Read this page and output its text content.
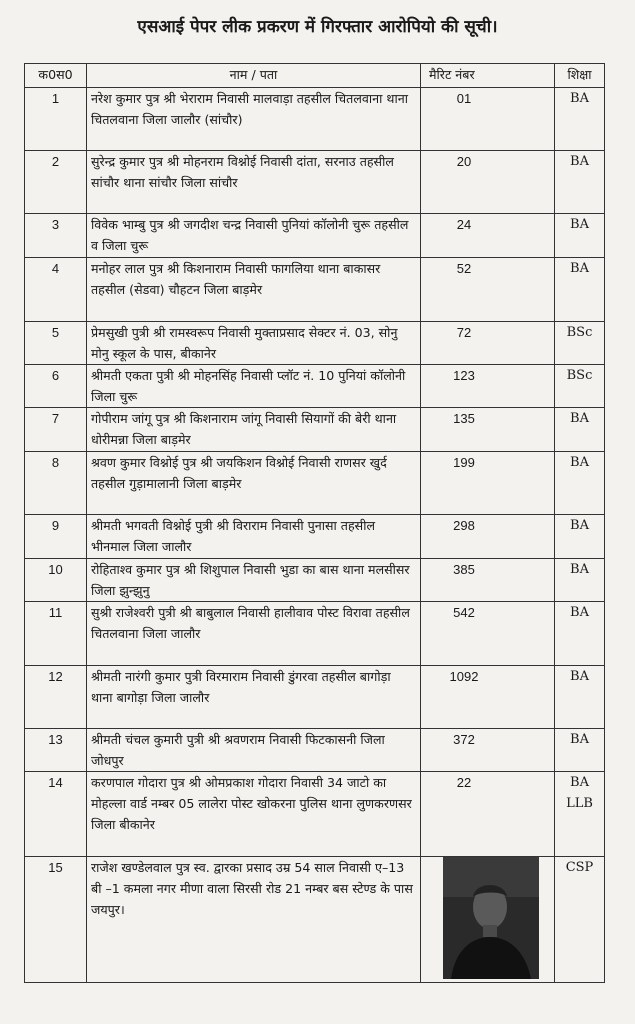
एसआई पेपर लीक प्रकरण में गिरफ्तार आरोपियो की सूची।
क0स0	नाम / पता	मैरिट नंबर	शिक्षा
1	नरेश कुमार पुत्र श्री भेराराम निवासी मालवाड़ा तहसील चितलवाना थाना चितलवाना जिला जालौर (सांचौर)	01	BA
2	सुरेन्द्र कुमार पुत्र श्री मोहनराम विश्नोई निवासी दांता, सरनाउ तहसील सांचौर थाना सांचौर जिला सांचौर	20	BA
3	विवेक भाम्बु पुत्र श्री जगदीश चन्द्र निवासी पुनियां कॉलोनी चुरू तहसील व जिला चुरू	24	BA
4	मनोहर लाल पुत्र श्री किशनाराम निवासी फागलिया थाना बाकासर तहसील (सेडवा) चौहटन जिला बाड़मेर	52	BA
5	प्रेमसुखी पुत्री श्री रामस्वरूप निवासी मुक्ताप्रसाद सेक्टर नं. 03, सोनु मोनु स्कूल के पास, बीकानेर	72	BSc
6	श्रीमती एकता पुत्री श्री मोहनसिंह निवासी प्लॉट नं. 10 पुनियां कॉलोनी जिला चुरू	123	BSc
7	गोपीराम जांगू पुत्र श्री किशनाराम जांगू निवासी सियागों की बेरी थाना धोरीमन्ना जिला बाड़मेर	135	BA
8	श्रवण कुमार विश्नोई पुत्र श्री जयकिशन विश्नोई निवासी राणसर खुर्द तहसील गुड़ामालानी जिला बाड़मेर	199	BA
9	श्रीमती भगवती विश्नोई पुत्री श्री विराराम निवासी पुनासा तहसील भीनमाल जिला जालौर	298	BA
10	रोहिताश्व कुमार पुत्र श्री शिशुपाल निवासी भुडा का बास थाना मलसीसर जिला झुन्झुनु	385	BA
11	सुश्री राजेश्वरी पुत्री श्री बाबुलाल निवासी हालीवाव पोस्ट विरावा तहसील चितलवाना जिला जालौर	542	BA
12	श्रीमती नारंगी कुमार पुत्री विरमाराम निवासी डुंगरवा तहसील बागोड़ा थाना बागोड़ा जिला जालौर	1092	BA
13	श्रीमती चंचल कुमारी पुत्री श्री श्रवणराम निवासी फिटकासनी जिला जोधपुर	372	BA
14	करणपाल गोदारा पुत्र श्री ओमप्रकाश गोदारा निवासी 34 जाटो का मोहल्ला वार्ड नम्बर 05 लालेरा पोस्ट खोकरना पुलिस थाना लुणकरणसर जिला बीकानेर	22	BA LLB
15	राजेश खण्डेलवाल पुत्र स्व. द्वारका प्रसाद उम्र 54 साल निवासी ए–13 बी –1 कमला नगर मीणा वाला सिरसी रोड 21 नम्बर बस स्टेण्ड के पास जयपुर।		CSP
